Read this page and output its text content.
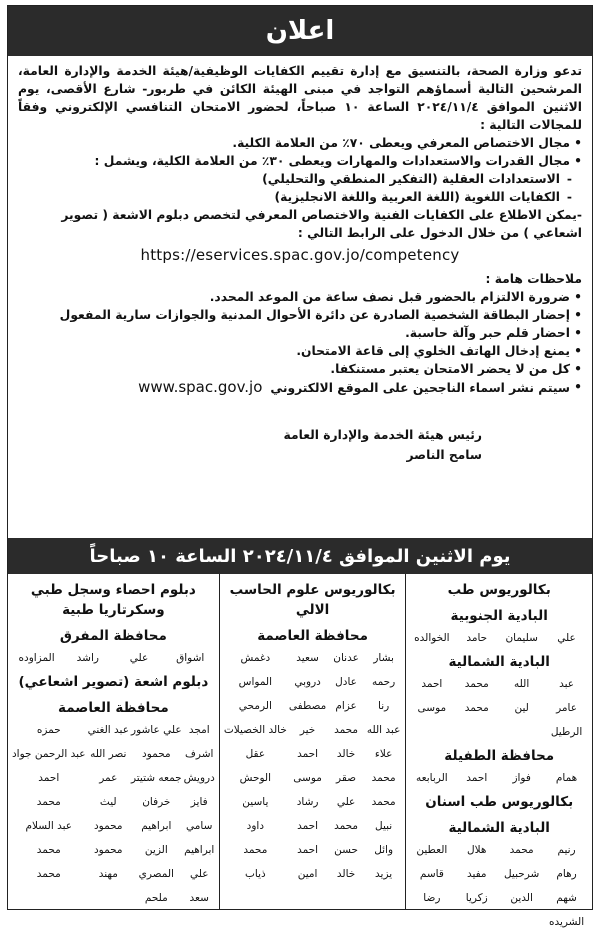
اعلان

تدعو وزارة الصحة، بالتنسيق مع إدارة تقييم الكفايات الوظيفية/هيئة الخدمة والإدارة العامة، المرشحين التالية أسماؤهم التواجد في مبنى الهيئة الكائن في طربور- شارع الأقصى، يوم الاثنين الموافق ٢٠٢٤/١١/٤ الساعة ١٠ صباحاً، لحضور الامتحان التنافسي الإلكتروني وفقاً للمجالات التالية :

• مجال الاختصاص المعرفي ويعطى ٧٠٪ من العلامة الكلية.
• مجال القدرات والاستعدادات والمهارات ويعطى ٣٠٪ من العلامة الكلية، ويشمل :
- الاستعدادات العقلية (التفكير المنطقي والتحليلي)
- الكفايات اللغوية (اللغة العربية واللغة الانجليزية)
-يمكن الاطلاع على الكفايات الفنية والاختصاص المعرفي لتخصص دبلوم الاشعة ( تصوير اشعاعي ) من خلال الدخول على الرابط التالي :
https://eservices.spac.gov.jo/competency
ملاحظات هامة :
• ضرورة الالتزام بالحضور قبل نصف ساعة من الموعد المحدد.
• إحضار البطاقة الشخصية الصادرة عن دائرة الأحوال المدنية والجوازات سارية المفعول
• احضار قلم حبر وآلة حاسبة.
• يمنع إدخال الهاتف الخلوي إلى قاعة الامتحان.
• كل من لا يحضر الامتحان يعتبر مستنكفا.
• سيتم نشر اسماء الناجحين على الموقع الالكترونيwww.spac.gov.jo
رئيس هيئة الخدمة والإدارة العامة
سامح الناصر
يوم الاثنين الموافق ٢٠٢٤/١١/٤ الساعة ١٠ صباحاً
بكالوريوس طب
البادية الجنوبية
علي
سليمان
حامد
الخوالده
البادية الشمالية
عبد
الله
محمد
احمد
عامر
لين
محمد
موسى
الرطيل
محافظة الطفيلة
همام
فواز
احمد
الربابعه
بكالوريوس طب اسنان
البادية الشمالية
رنيم
محمد
هلال
العطين
رهام
شرحبيل
مفيد
قاسم
شهم
الدين
زكريا
رضا
الشريده
بكالوريوس علوم الحاسب الالي
محافظة العاصمة
بشار
عدنان
سعيد
دغمش
رحمه
عادل
دروبي
المواس
رنا
عزام
مصطفى
الرمحي
عبد الله
محمد
خير
خالد الخصيلات
علاء
خالد
احمد
عقل
محمد
صقر
موسى
الوحش
محمد
علي
رشاد
ياسين
نبيل
محمد
احمد
داود
وائل
حسن
احمد
محمد
يزيد
خالد
امين
ذياب
دبلوم احصاء وسجل طبي وسكرتاريا طبية
محافظة المفرق
اشواق
علي
راشد
المزاوده
دبلوم اشعة (تصوير اشعاعي)
محافظة العاصمة
امجد
علي عاشور
عبد الغني
حمزه
اشرف
محمود
نصر الله
عبد الرحمن جواد
درويش
جمعه شتيتر
عمر
احمد
فايز
خرفان
ليث
محمد
سامي
ابراهيم
محمود
عبد السلام
ابراهيم
الزين
محمود
محمد
علي
المصري
مهند
محمد
سعد
ملحم
